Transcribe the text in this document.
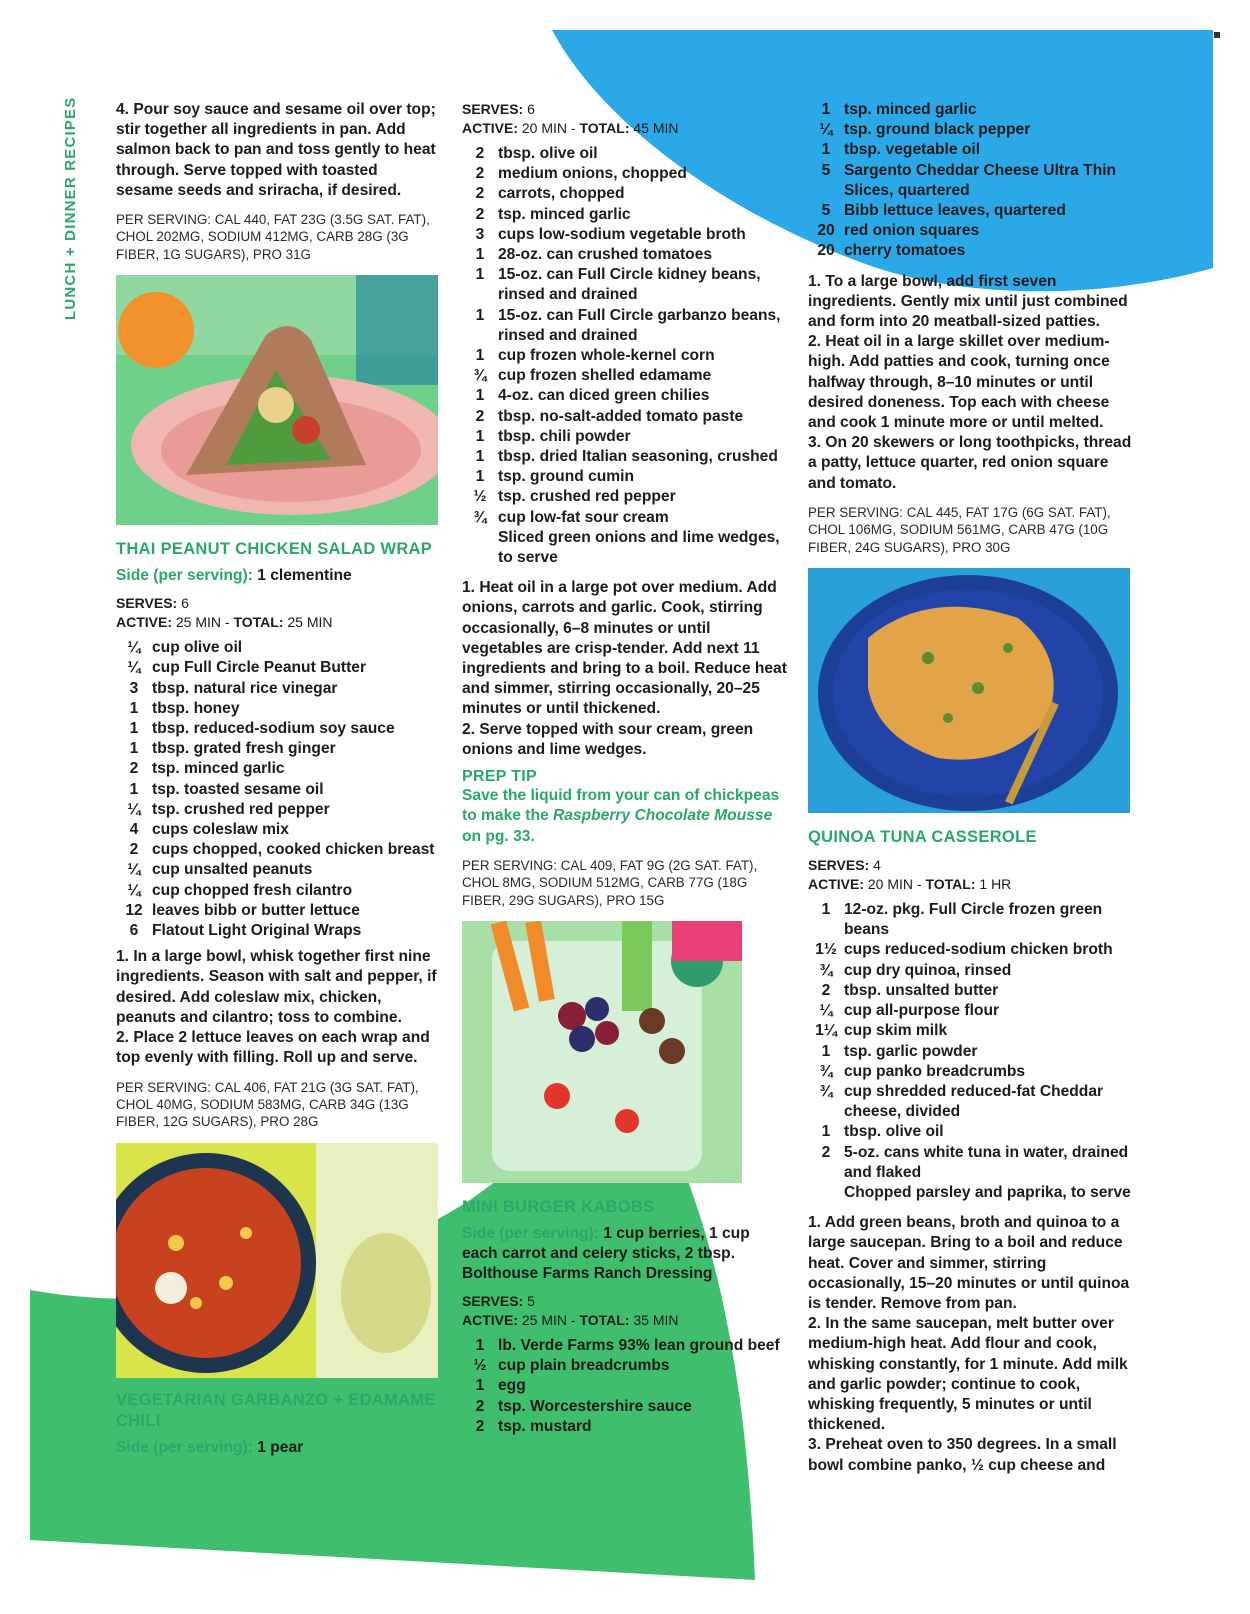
LUNCH + DINNER RECIPES 4. Pour soy sauce and sesame oil over top; stir together all ingredients in pan. Add salmon back to pan and toss gently to heat through. Serve topped with toasted sesame seeds and sriracha, if desired.

PER SERVING: CAL 440, FAT 23G (3.5G SAT. FAT), CHOL 202MG, SODIUM 412MG, CARB 28G (3G FIBER, 1G SUGARS), PRO 31G
THAI PEANUT CHICKEN SALAD WRAP
Side (per serving): 1 clementine
SERVES: 6
ACTIVE: 25 MIN - TOTAL: 25 MIN
¼ cup olive oil
¼ cup Full Circle Peanut Butter
3 tbsp. natural rice vinegar
1 tbsp. honey
1 tbsp. reduced-sodium soy sauce
1 tbsp. grated fresh ginger
2 tsp. minced garlic
1 tsp. toasted sesame oil
¼ tsp. crushed red pepper
4 cups coleslaw mix
2 cups chopped, cooked chicken breast
¼ cup unsalted peanuts
¼ cup chopped fresh cilantro
12 leaves bibb or butter lettuce
6 Flatout Light Original Wraps

1. In a large bowl, whisk together first nine ingredients. Season with salt and pepper, if desired. Add coleslaw mix, chicken, peanuts and cilantro; toss to combine.

2. Place 2 lettuce leaves on each wrap and top evenly with filling. Roll up and serve.

PER SERVING: CAL 406, FAT 21G (3G SAT. FAT), CHOL 40MG, SODIUM 583MG, CARB 34G (13G FIBER, 12G SUGARS), PRO 28G
VEGETARIAN GARBANZO + EDAMAME CHILI
Side (per serving): 1 pear
SERVES: 6
ACTIVE: 20 MIN - TOTAL: 45 MIN
2 tbsp. olive oil
2 medium onions, chopped
2 carrots, chopped
2 tsp. minced garlic
3 cups low-sodium vegetable broth
1 28-oz. can crushed tomatoes
1 15-oz. can Full Circle kidney beans, rinsed and drained
1 15-oz. can Full Circle garbanzo beans, rinsed and drained
1 cup frozen whole-kernel corn
¾ cup frozen shelled edamame
1 4-oz. can diced green chilies
2 tbsp. no-salt-added tomato paste
1 tbsp. chili powder
1 tbsp. dried Italian seasoning, crushed
1 tsp. ground cumin
½ tsp. crushed red pepper
¾ cup low-fat sour cream
Sliced green onions and lime wedges, to serve

1. Heat oil in a large pot over medium. Add onions, carrots and garlic. Cook, stirring occasionally, 6–8 minutes or until vegetables are crisp-tender. Add next 11 ingredients and bring to a boil. Reduce heat and simmer, stirring occasionally, 20–25 minutes or until thickened.

2. Serve topped with sour cream, green onions and lime wedges.

PREP TIP
Save the liquid from your can of chickpeas to make the Raspberry Chocolate Mousse on pg. 33.
PER SERVING: CAL 409, FAT 9G (2G SAT. FAT), CHOL 8MG, SODIUM 512MG, CARB 77G (18G FIBER, 29G SUGARS), PRO 15G
MINI BURGER KABOBS
Side (per serving): 1 cup berries, 1 cup each carrot and celery sticks, 2 tbsp. Bolthouse Farms Ranch Dressing
SERVES: 5
ACTIVE: 25 MIN - TOTAL: 35 MIN
1 lb. Verde Farms 93% lean ground beef
½ cup plain breadcrumbs
1 egg
2 tsp. Worcestershire sauce
2 tsp. mustard
1 tsp. minced garlic
¼ tsp. ground black pepper
1 tbsp. vegetable oil
5 Sargento Cheddar Cheese Ultra Thin Slices, quartered
5 Bibb lettuce leaves, quartered
20 red onion squares
20 cherry tomatoes

1. To a large bowl, add first seven ingredients. Gently mix until just combined and form into 20 meatball-sized patties.

2. Heat oil in a large skillet over medium-high. Add patties and cook, turning once halfway through, 8–10 minutes or until desired doneness. Top each with cheese and cook 1 minute more or until melted.

3. On 20 skewers or long toothpicks, thread a patty, lettuce quarter, red onion square and tomato.

PER SERVING: CAL 445, FAT 17G (6G SAT. FAT), CHOL 106MG, SODIUM 561MG, CARB 47G (10G FIBER, 24G SUGARS), PRO 30G
QUINOA TUNA CASSEROLE
SERVES: 4
ACTIVE: 20 MIN - TOTAL: 1 HR
1 12-oz. pkg. Full Circle frozen green beans
1½ cups reduced-sodium chicken broth
¾ cup dry quinoa, rinsed
2 tbsp. unsalted butter
¼ cup all-purpose flour
1¼ cup skim milk
1 tsp. garlic powder
¾ cup panko breadcrumbs
¾ cup shredded reduced-fat Cheddar cheese, divided
1 tbsp. olive oil
2 5-oz. cans white tuna in water, drained and flaked
Chopped parsley and paprika, to serve

1. Add green beans, broth and quinoa to a large saucepan. Bring to a boil and reduce heat. Cover and simmer, stirring occasionally, 15–20 minutes or until quinoa is tender. Remove from pan.

2. In the same saucepan, melt butter over medium-high heat. Add flour and cook, whisking constantly, for 1 minute. Add milk and garlic powder; continue to cook, whisking frequently, 5 minutes or until thickened.

3. Preheat oven to 350 degrees. In a small bowl combine panko, ½ cup cheese and
